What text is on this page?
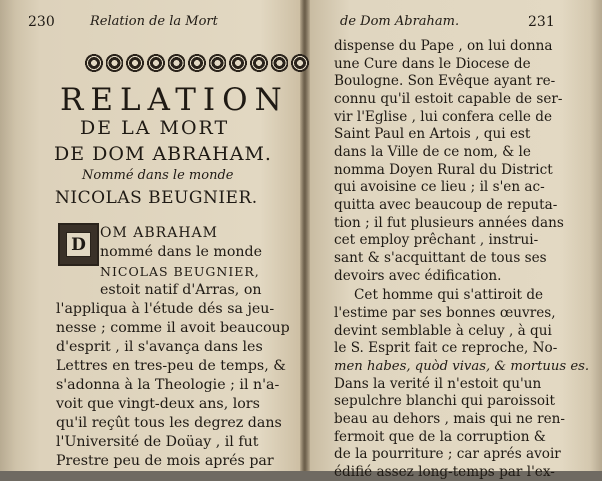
230	Relation de la Mort
RELATION
DE LA MORT
DE DOM ABRAHAM.
Nommé dans le monde
NICOLAS BEUGNIER.
D
OM ABRAHAM
nommé dans le monde
NICOLAS BEUGNIER,
estoit natif d'Arras, on
l'appliqua à l'étude dés sa jeu-
nesse ; comme il avoit beaucoup
d'esprit , il s'avança dans les
Lettres en tres-peu de temps, &
s'adonna à la Theologie ; il n'a-
voit que vingt-deux ans, lors
qu'il reçût tous les degrez dans
l'Université de Doüay , il fut
Prestre peu de mois aprés par
de Dom Abraham.	231
dispense du Pape , on lui donna
une Cure dans le Diocese de
Boulogne. Son Evêque ayant re-
connu qu'il estoit capable de ser-
vir l'Eglise , lui confera celle de
Saint Paul en Artois , qui est
dans la Ville de ce nom, & le
nomma Doyen Rural du District
qui avoisine ce lieu ; il s'en ac-
quitta avec beaucoup de reputa-
tion ; il fut plusieurs années dans
cet employ prêchant , instrui-
sant & s'acquittant de tous ses
devoirs avec édification.
Cet homme qui s'attiroit de
l'estime par ses bonnes œuvres,
devint semblable à celuy , à qui
le S. Esprit fait ce reproche, No-
men habes, quòd vivas, & mortuus es.
Dans la verité il n'estoit qu'un
sepulchre blanchi qui paroissoit
beau au dehors , mais qui ne ren-
fermoit que de la corruption &
de la pourriture ; car aprés avoir
édifié assez long-temps par l'ex-
